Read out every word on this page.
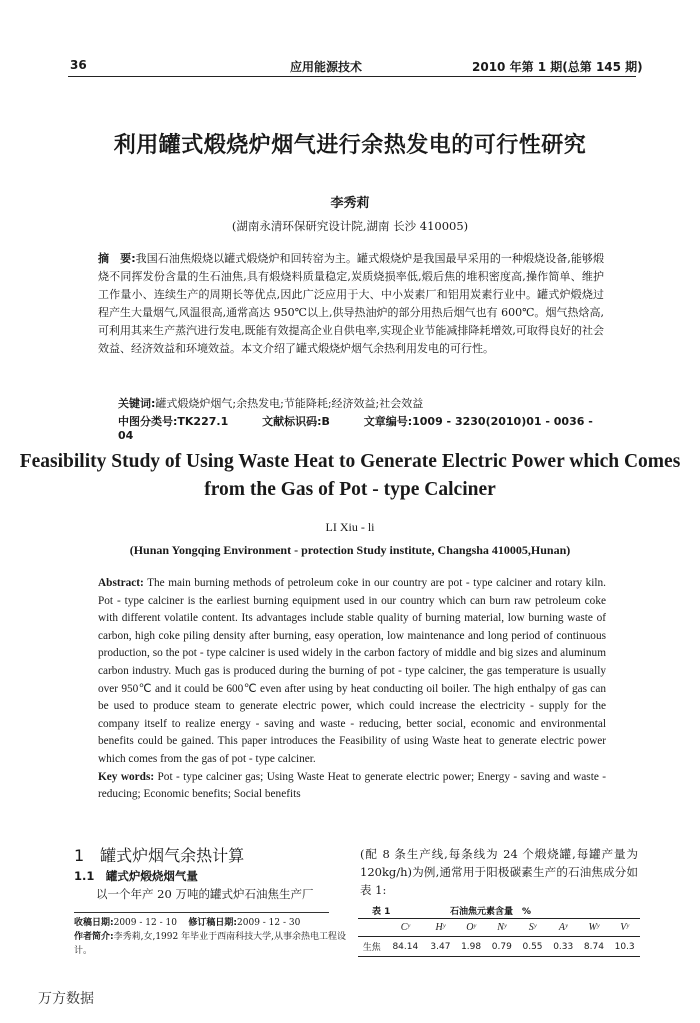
36	应用能源技术	2010 年第 1 期(总第 145 期)
利用罐式煅烧炉烟气进行余热发电的可行性研究
李秀莉
(湖南永清环保研究设计院,湖南 长沙 410005)
摘　要:我国石油焦煅烧以罐式煅烧炉和回转窑为主。罐式煅烧炉是我国最早采用的一种煅烧设备,能够煅烧不同挥发份含量的生石油焦,具有煅烧料质量稳定,炭质烧损率低,煅后焦的堆积密度高,操作简单、维护工作量小、连续生产的周期长等优点,因此广泛应用于大、中小炭素厂和铝用炭素行业中。罐式炉煅烧过程产生大量烟气,风温很高,通常高达 950℃以上,供导热油炉的部分用热后烟气也有 600℃。烟气热焓高,可利用其来生产蒸汽进行发电,既能有效提高企业自供电率,实现企业节能减排降耗增效,可取得良好的社会效益、经济效益和环境效益。本文介绍了罐式煅烧炉烟气余热利用发电的可行性。
关键词:罐式煅烧炉烟气;余热发电;节能降耗;经济效益;社会效益
中图分类号:TK227.1	文献标识码:B	文章编号:1009 - 3230(2010)01 - 0036 - 04
Feasibility Study of Using Waste Heat to Generate Electric Power which Comes from the Gas of Pot - type Calciner
LI Xiu - li
(Hunan Yongqing Environment - protection Study institute, Changsha 410005,Hunan)
Abstract: The main burning methods of petroleum coke in our country are pot - type calciner and rotary kiln. Pot - type calciner is the earliest burning equipment used in our country which can burn raw petroleum coke with different volatile content. Its advantages include stable quality of burning material, low burning waste of carbon, high coke piling density after burning, easy operation, low maintenance and long period of continuous production, so the pot - type calciner is used widely in the carbon factory of middle and big sizes and aluminum carbon industry. Much gas is produced during the burning of pot - type calciner, the gas temperature is usually over 950℃ and it could be 600℃ even after using by heat conducting oil boiler. The high enthalpy of gas can be used to produce steam to generate electric power, which could increase the electricity - supply for the company itself to realize energy - saving and waste - reducing, better social, economic and environmental benefits could be gained. This paper introduces the Feasibility of using Waste heat to generate electric power which comes from the gas of pot - type calciner.
Key words: Pot - type calciner gas; Using Waste Heat to generate electric power; Energy - saving and waste - reducing; Economic benefits; Social benefits
1　罐式炉烟气余热计算
1.1　罐式炉煅烧烟气量
以一个年产 20 万吨的罐式炉石油焦生产厂
收稿日期:2009 - 12 - 10 修订稿日期:2009 - 12 - 30
作者简介:李秀莉,女,1992 年毕业于西南科技大学,从事余热电工程设计。
(配 8 条生产线,每条线为 24 个煅烧罐,每罐产量为 120kg/h)为例,通常用于阳极碳素生产的石油焦成分如表 1:
表 1	石油焦元素含量　%
	Cʸ	Hʸ	Oʸ	Nʸ	Sʸ	Aʸ	Wʸ	Vʸ
生焦	84.14	3.47	1.98	0.79	0.55	0.33	8.74	10.3
万方数据
